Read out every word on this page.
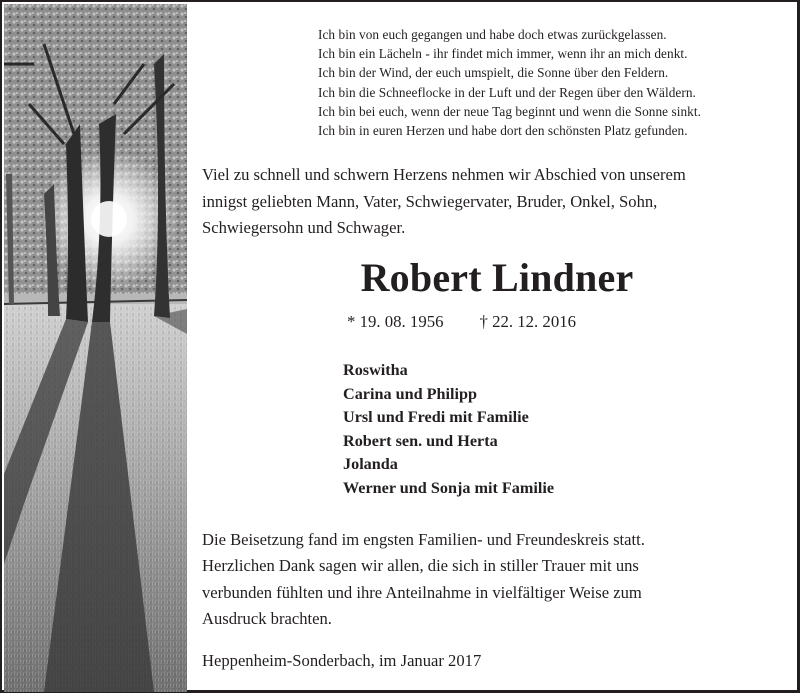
Ich bin von euch gegangen und habe doch etwas zurückgelassen.
Ich bin ein Lächeln - ihr findet mich immer, wenn ihr an mich denkt.
Ich bin der Wind, der euch umspielt, die Sonne über den Feldern.
Ich bin die Schneeflocke in der Luft und der Regen über den Wäldern.
Ich bin bei euch, wenn der neue Tag beginnt und wenn die Sonne sinkt.
Ich bin in euren Herzen und habe dort den schönsten Platz gefunden.
Viel zu schnell und schwern Herzens nehmen wir Abschied von unserem
innigst geliebten Mann, Vater, Schwiegervater, Bruder, Onkel, Sohn,
Schwiegersohn und Schwager.
Robert Lindner
* 19. 08. 1956 † 22. 12. 2016
Roswitha
Carina und Philipp
Ursl und Fredi mit Familie
Robert sen. und Herta
Jolanda
Werner und Sonja mit Familie
Die Beisetzung fand im engsten Familien- und Freundeskreis statt.
Herzlichen Dank sagen wir allen, die sich in stiller Trauer mit uns
verbunden fühlten und ihre Anteilnahme in vielfältiger Weise zum
Ausdruck brachten.
Heppenheim-Sonderbach, im Januar 2017
